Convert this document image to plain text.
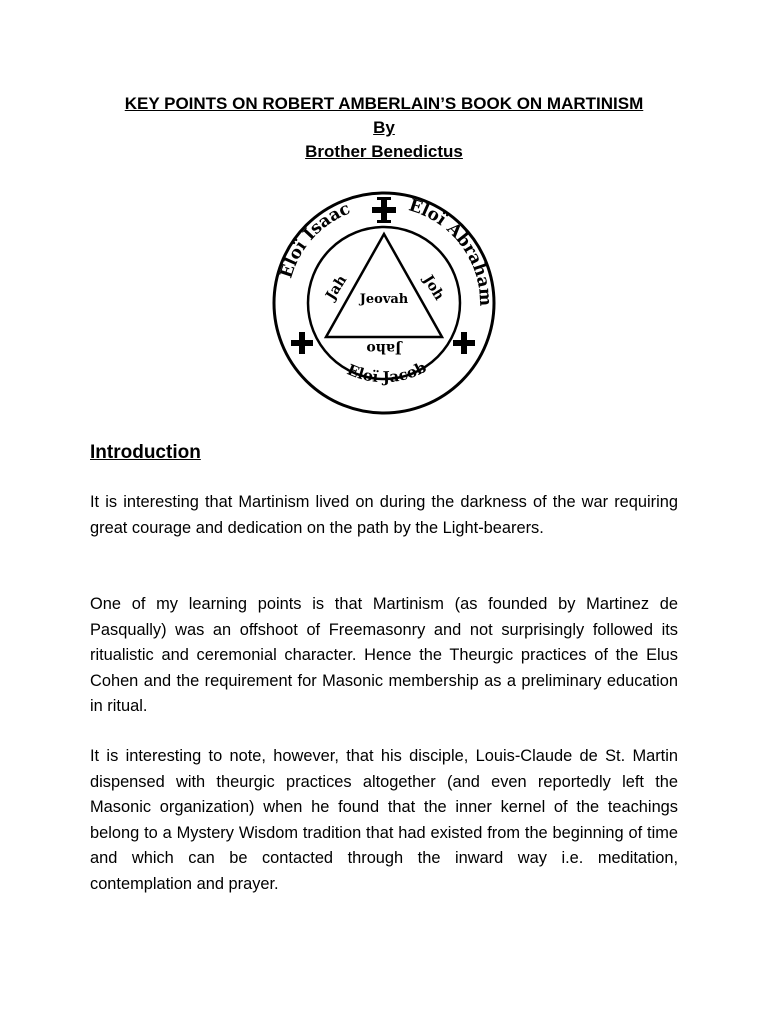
KEY POINTS ON ROBERT AMBERLAIN’S BOOK ON MARTINISM
By
Brother Benedictus
Eloï Isaac	Eloï Abraham
Eloï Jacob
Jeovah
Jah	Joh
Jaho
Introduction

It is interesting that Martinism lived on during the darkness of the war requiring great courage and dedication on the path by the Light-bearers.

One of my learning points is that Martinism (as founded by Martinez de Pasqually) was an offshoot of Freemasonry and not surprisingly followed its ritualistic and ceremonial character. Hence the Theurgic practices of the Elus Cohen and the requirement for Masonic membership as a preliminary education in ritual.

It is interesting to note, however, that his disciple, Louis-Claude de St. Martin dispensed with theurgic practices altogether (and even reportedly left the Masonic organization) when he found that the inner kernel of the teachings belong to a Mystery Wisdom tradition that had existed from the beginning of time and which can be contacted through the inward way i.e. meditation, contemplation and prayer.
